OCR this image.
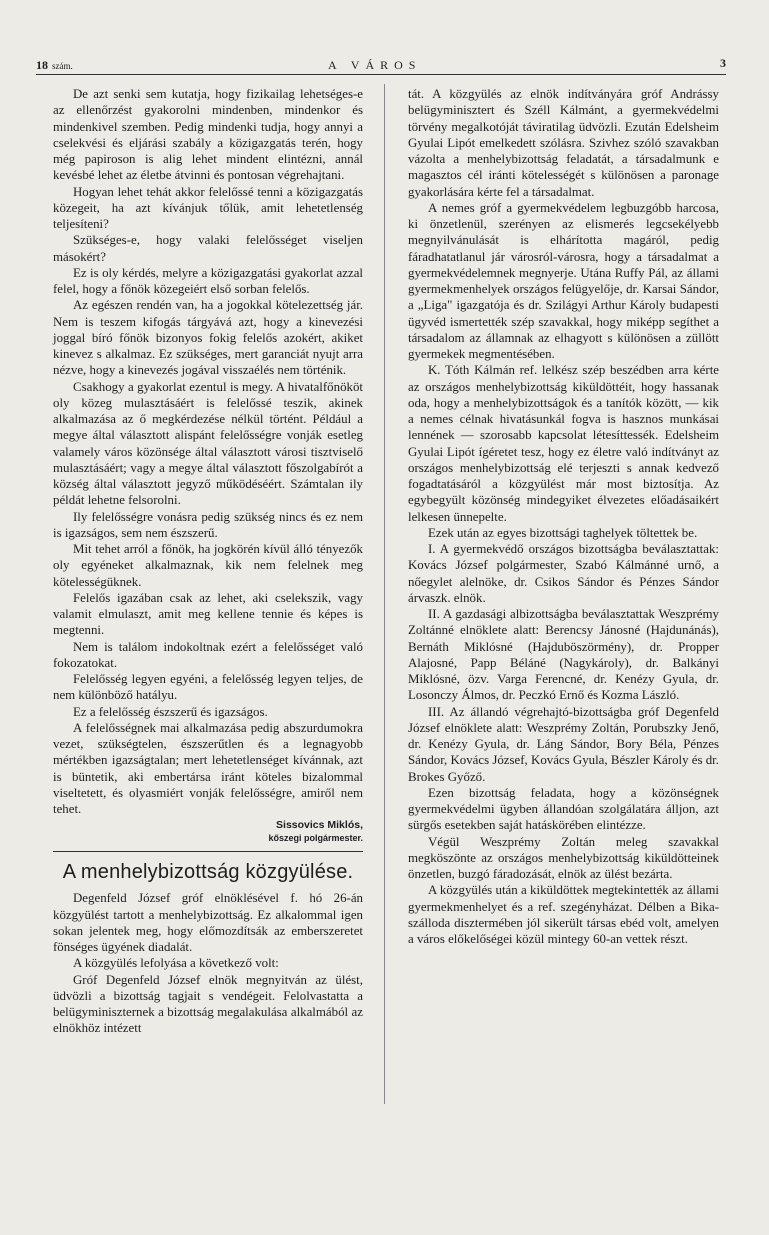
18 szám.	A VÁROS	3

De azt senki sem kutatja, hogy fizikailag lehetséges-e az ellenőrzést gyakorolni mindenben, mindenkor és mindenkivel szemben. Pedig mindenki tudja, hogy annyi a cselekvési és eljárási szabály a közigazgatás terén, hogy még papiroson is alig lehet mindent elintézni, annál kevésbé lehet az életbe átvinni és pontosan végrehajtani.

Hogyan lehet tehát akkor felelőssé tenni a közigazgatás közegeit, ha azt kívánjuk tőlük, amit lehetetlenség teljesíteni?

Szükséges-e, hogy valaki felelősséget viseljen másokért?

Ez is oly kérdés, melyre a közigazgatási gyakorlat azzal felel, hogy a főnök közegeiért első sorban felelős.

Az egészen rendén van, ha a jogokkal kötelezettség jár. Nem is teszem kifogás tárgyává azt, hogy a kinevezési joggal bíró főnök bizonyos fokig felelős azokért, akiket kinevez s alkalmaz. Ez szükséges, mert garanciát nyujt arra nézve, hogy a kinevezés jogával visszaélés nem történik.

Csakhogy a gyakorlat ezentul is megy. A hivatalfőnököt oly közeg mulasztásáért is felelőssé teszik, akinek alkalmazása az ő megkérdezése nélkül történt. Például a megye által választott alispánt felelősségre vonják esetleg valamely város közönsége által választott városi tisztviselő mulasztásáért; vagy a megye által választott főszolgabírót a község által választott jegyző működéséért. Számtalan ily példát lehetne felsorolni.

Ily felelősségre vonásra pedig szükség nincs és ez nem is igazságos, sem nem észszerű.

Mit tehet arról a főnök, ha jogkörén kívül álló tényezők oly egyéneket alkalmaznak, kik nem felelnek meg kötelességüknek.

Felelős igazában csak az lehet, aki cselekszik, vagy valamit elmulaszt, amit meg kellene tennie és képes is megtenni.

Nem is találom indokoltnak ezért a felelősséget való fokozatokat.

Felelősség legyen egyéni, a felelősség legyen teljes, de nem különböző hatályu.

Ez a felelősség észszerű és igazságos.

A felelősségnek mai alkalmazása pedig abszurdumokra vezet, szükségtelen, észszerűtlen és a legnagyobb mértékben igazságtalan; mert lehetetlenséget kívánnak, azt is büntetik, aki embertársa iránt köteles bizalommal viseltetett, és olyasmiért vonják felelősségre, amiről nem tehet.

Sissovics Miklós,
kőszegi polgármester.
A menhelybizottság közgyülése.

Degenfeld József gróf elnöklésével f. hó 26-án közgyülést tartott a menhelybizottság. Ez alkalommal igen sokan jelentek meg, hogy előmozdítsák az emberszeretet fönséges ügyének diadalát.

A közgyülés lefolyása a következő volt:

Gróf Degenfeld József elnök megnyitván az ülést, üdvözli a bizottság tagjait s vendégeit. Felolvastatta a belügyminiszternek a bizottság megalakulása alkalmából az elnökhöz intézett

tát. A közgyülés az elnök indítványára gróf Andrássy belügyminisztert és Széll Kálmánt, a gyermekvédelmi törvény megalkotóját táviratilag üdvözli. Ezután Edelsheim Gyulai Lipót emelkedett szólásra. Szivhez szóló szavakban vázolta a menhelybizottság feladatát, a társadalmunk e magasztos cél iránti kötelességét s különösen a paronage gyakorlására kérte fel a társadalmat.

A nemes gróf a gyermekvédelem legbuzgóbb harcosa, ki önzetlenül, szerényen az elismerés legcsekélyebb megnyilvánulását is elhárította magáról, pedig fáradhatatlanul jár városról-városra, hogy a társadalmat a gyermekvédelemnek megnyerje. Utána Ruffy Pál, az állami gyermekmenhelyek országos felügyelője, dr. Karsai Sándor, a „Liga" igazgatója és dr. Szilágyi Arthur Károly budapesti ügyvéd ismertették szép szavakkal, hogy miképp segíthet a társadalom az államnak az elhagyott s különösen a züllött gyermekek megmentésében.

K. Tóth Kálmán ref. lelkész szép beszédben arra kérte az országos menhelybizottság kiküldöttéit, hogy hassanak oda, hogy a menhelybizottságok és a tanítók között, — kik a nemes célnak hivatásunkál fogva is hasznos munkásai lennének — szorosabb kapcsolat létesíttessék. Edelsheim Gyulai Lipót ígéretet tesz, hogy ez életre való indítványt az országos menhelybizottság elé terjeszti s annak kedvező fogadtatásáról a közgyülést már most biztosítja. Az egybegyült közönség mindegyiket élvezetes előadásaikért lelkesen ünnepelte.

Ezek után az egyes bizottsági taghelyek töltettek be.

I. A gyermekvédő országos bizottságba beválasztattak: Kovács József polgármester, Szabó Kálmánné urnő, a nőegylet alelnöke, dr. Csikos Sándor és Pénzes Sándor árvaszk. elnök.

II. A gazdasági albizottságba beválasztattak Weszprémy Zoltánné elnöklete alatt: Berencsy Jánosné (Hajdunánás), Bernáth Miklósné (Hajduböszörmény), dr. Propper Alajosné, Papp Béláné (Nagykároly), dr. Balkányi Miklósné, özv. Varga Ferencné, dr. Kenézy Gyula, dr. Losonczy Álmos, dr. Peczkó Ernő és Kozma László.

III. Az állandó végrehajtó-bizottságba gróf Degenfeld József elnöklete alatt: Weszprémy Zoltán, Porubszky Jenő, dr. Kenézy Gyula, dr. Láng Sándor, Bory Béla, Pénzes Sándor, Kovács József, Kovács Gyula, Bészler Károly és dr. Brokes Győző.

Ezen bizottság feladata, hogy a közönségnek gyermekvédelmi ügyben állandóan szolgálatára álljon, azt sürgős esetekben saját hatáskörében elintézze.

Végül Weszprémy Zoltán meleg szavakkal megköszönte az országos menhelybizottság kiküldötteinek önzetlen, buzgó fáradozását, elnök az ülést bezárta.

A közgyülés után a kiküldöttek megtekintették az állami gyermekmenhelyet és a ref. szegényházat. Délben a Bika-szálloda disztermében jól sikerült társas ebéd volt, amelyen a város előkelőségei közül mintegy 60-an vettek részt.
